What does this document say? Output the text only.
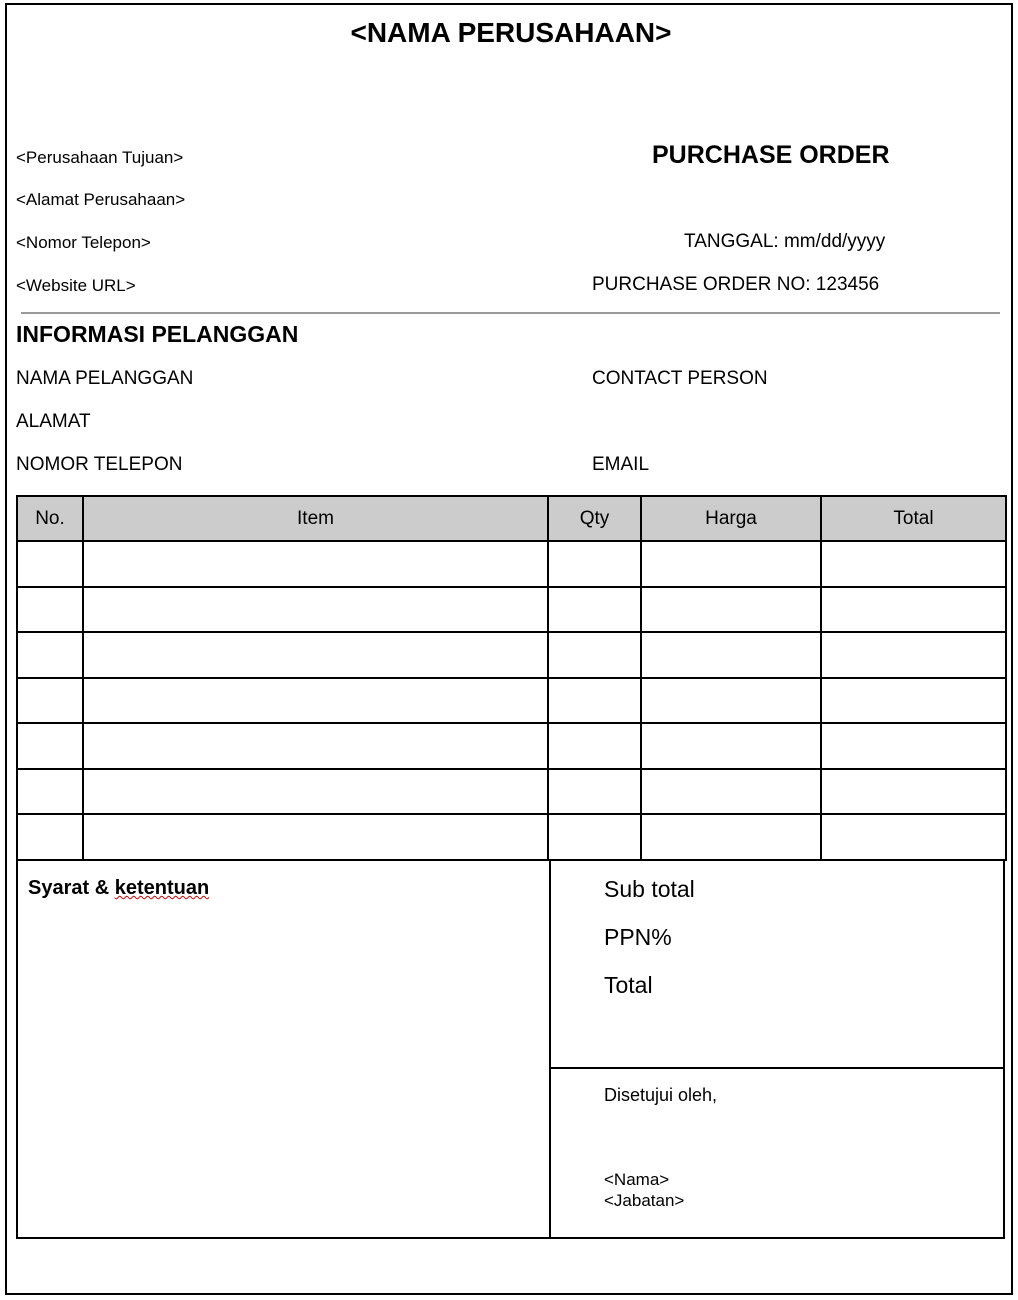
<NAMA PERUSAHAAN>
<Perusahaan Tujuan>
<Alamat Perusahaan>
<Nomor Telepon>
<Website URL>
PURCHASE ORDER
TANGGAL: mm/dd/yyyy
PURCHASE ORDER NO: 123456
INFORMASI PELANGGAN
NAMA PELANGGAN	CONTACT PERSON
ALAMAT
NOMOR TELEPON	EMAIL
No.	Item	Qty	Harga	Total

Syarat & ketentuan	Sub total
PPN%
Total
Disetujui oleh,
<Nama>
<Jabatan>
